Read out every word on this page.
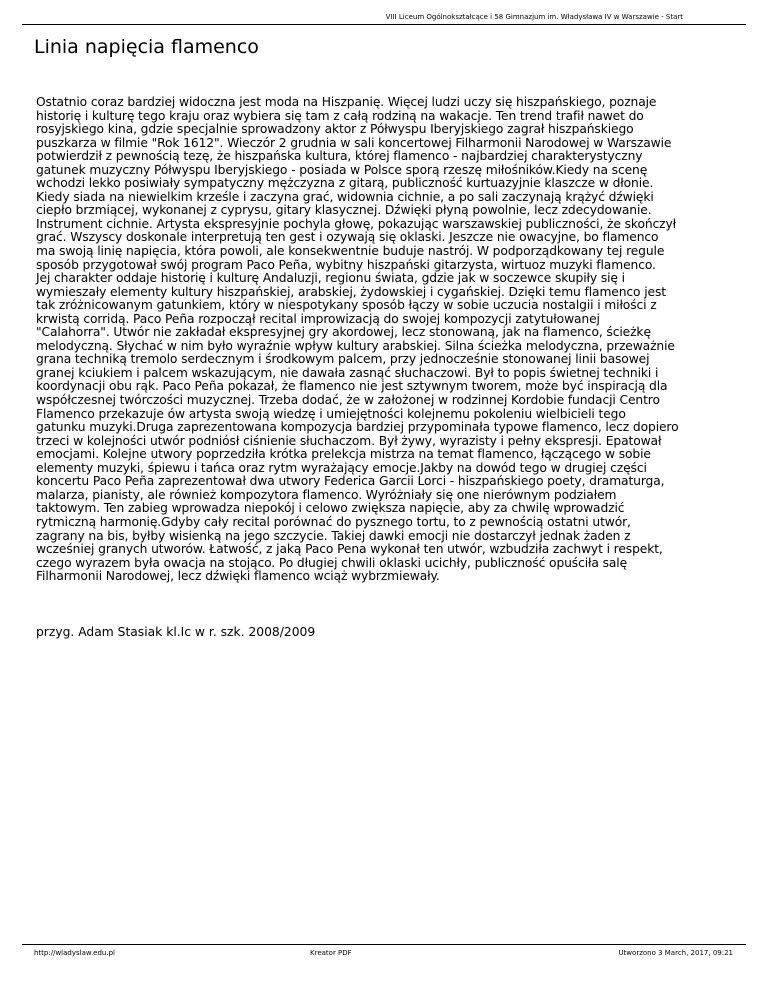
VIII Liceum Ogólnokształcące i 58 Gimnazjum im. Władysława IV w Warszawie - Start
Linia napięcia flamenco

Ostatnio coraz bardziej widoczna jest moda na Hiszpanię. Więcej ludzi uczy się hiszpańskiego, poznaje
historię i kulturę tego kraju oraz wybiera się tam z całą rodziną na wakacje. Ten trend trafił nawet do
rosyjskiego kina, gdzie specjalnie sprowadzony aktor z Półwyspu Iberyjskiego zagrał hiszpańskiego
puszkarza w filmie "Rok 1612". Wieczór 2 grudnia w sali koncertowej Filharmonii Narodowej w Warszawie
potwierdził z pewnością tezę, że hiszpańska kultura, której flamenco - najbardziej charakterystyczny
gatunek muzyczny Półwyspu Iberyjskiego - posiada w Polsce sporą rzeszę miłośników.Kiedy na scenę
wchodzi lekko posiwiały sympatyczny mężczyzna z gitarą, publiczność kurtuazyjnie klaszcze w dłonie.
Kiedy siada na niewielkim krześle i zaczyna grać, widownia cichnie, a po sali zaczynają krążyć dźwięki
ciepło brzmiącej, wykonanej z cyprysu, gitary klasycznej. Dźwięki płyną powolnie, lecz zdecydowanie.
Instrument cichnie. Artysta ekspresyjnie pochyla głowę, pokazując warszawskiej publiczności, że skończył
grać. Wszyscy doskonale interpretują ten gest i ozywają się oklaski. Jeszcze nie owacyjne, bo flamenco
ma swoją linię napięcia, która powoli, ale konsekwentnie buduje nastrój. W podporządkowany tej regule
sposób przygotował swój program Paco Peña, wybitny hiszpański gitarzysta, wirtuoz muzyki flamenco.
Jej charakter oddaje historię i kulturę Andaluzji, regionu świata, gdzie jak w soczewce skupiły się i
wymieszały elementy kultury hiszpańskiej, arabskiej, żydowskiej i cygańskiej. Dzięki temu flamenco jest
tak zróżnicowanym gatunkiem, który w niespotykany sposób łączy w sobie uczucia nostalgii i miłości z
krwistą corridą. Paco Peña rozpoczął recital improwizacją do swojej kompozycji zatytułowanej
"Calahorra". Utwór nie zakładał ekspresyjnej gry akordowej, lecz stonowaną, jak na flamenco, ścieżkę
melodyczną. Słychać w nim było wyraźnie wpływ kultury arabskiej. Silna ścieżka melodyczna, przeważnie
grana techniką tremolo serdecznym i środkowym palcem, przy jednocześnie stonowanej linii basowej
granej kciukiem i palcem wskazującym, nie dawała zasnąć słuchaczowi. Był to popis świetnej techniki i
koordynacji obu rąk. Paco Peña pokazał, że flamenco nie jest sztywnym tworem, może być inspiracją dla
współczesnej twórczości muzycznej. Trzeba dodać, że w założonej w rodzinnej Kordobie fundacji Centro
Flamenco przekazuje ów artysta swoją wiedzę i umiejętności kolejnemu pokoleniu wielbicieli tego
gatunku muzyki.Druga zaprezentowana kompozycja bardziej przypominała typowe flamenco, lecz dopiero
trzeci w kolejności utwór podniósł ciśnienie słuchaczom. Był żywy, wyrazisty i pełny ekspresji. Epatował
emocjami. Kolejne utwory poprzedziła krótka prelekcja mistrza na temat flamenco, łączącego w sobie
elementy muzyki, śpiewu i tańca oraz rytm wyrażający emocje.Jakby na dowód tego w drugiej części
koncertu Paco Peña zaprezentował dwa utwory Federica Garcii Lorci - hiszpańskiego poety, dramaturga,
malarza, pianisty, ale również kompozytora flamenco. Wyróżniały się one nierównym podziałem
taktowym. Ten zabieg wprowadza niepokój i celowo zwiększa napięcie, aby za chwilę wprowadzić
rytmiczną harmonię.Gdyby cały recital porównać do pysznego tortu, to z pewnością ostatni utwór,
zagrany na bis, byłby wisienką na jego szczycie. Takiej dawki emocji nie dostarczył jednak żaden z
wcześniej granych utworów. Łatwość, z jaką Paco Pena wykonał ten utwór, wzbudziła zachwyt i respekt,
czego wyrazem była owacja na stojąco. Po długiej chwili oklaski ucichły, publiczność opuściła salę
Filharmonii Narodowej, lecz dźwięki flamenco wciąż wybrzmiewały.

przyg. Adam Stasiak kl.Ic w r. szk. 2008/2009

http://wladyslaw.edu.pl	Kreator PDF	Utworzono 3 March, 2017, 09:21
